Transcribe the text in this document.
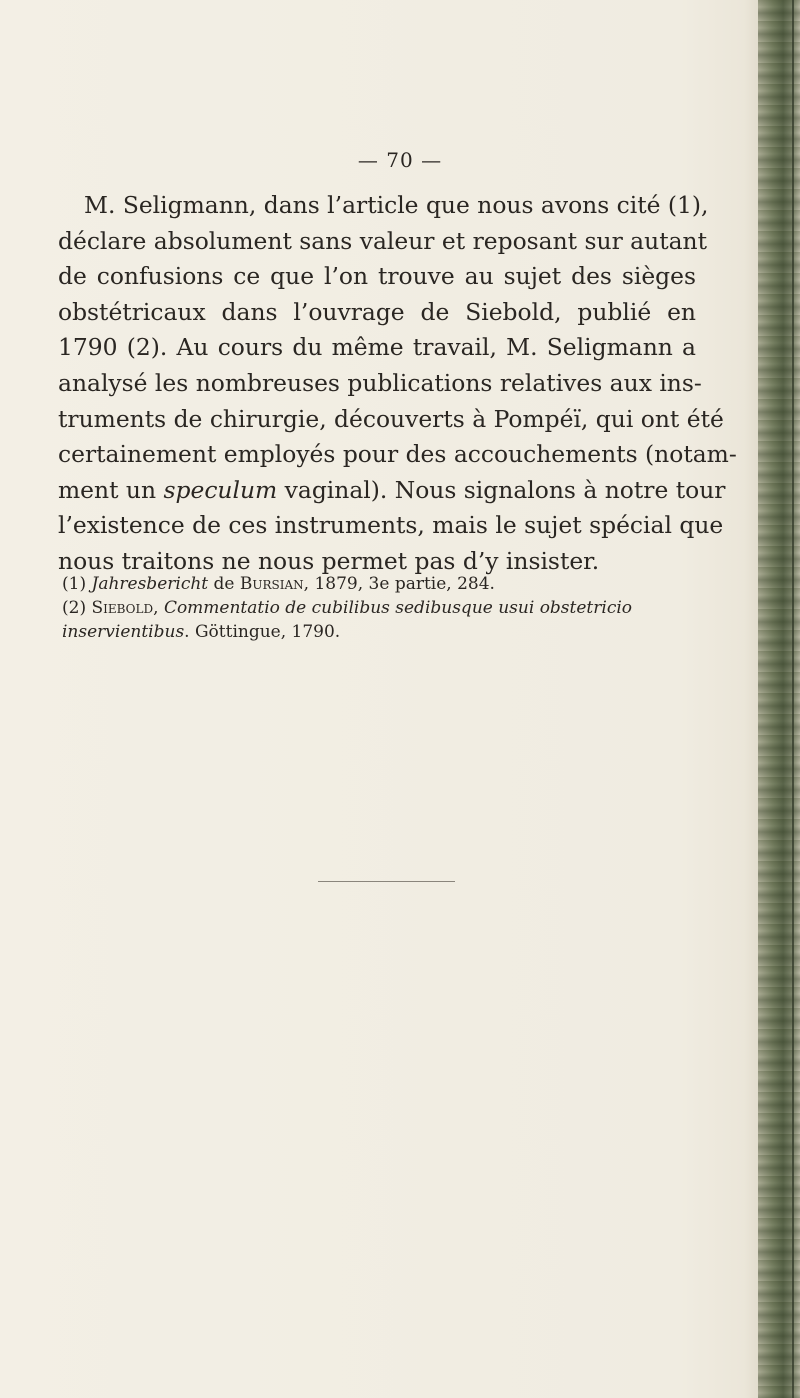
— 70 —
M. Seligmann, dans l’article que nous avons cité (1),
déclare absolument sans valeur et reposant sur autant
de confusions ce que l’on trouve au sujet des sièges
obstétricaux dans l’ouvrage de Siebold, publié en
1790 (2). Au cours du même travail, M. Seligmann a
analysé les nombreuses publications relatives aux ins-
truments de chirurgie, découverts à Pompéï, qui ont été
certainement employés pour des accouchements (notam-
ment un speculum vaginal). Nous signalons à notre tour
l’existence de ces instruments, mais le sujet spécial que
nous traitons ne nous permet pas d’y insister.
(1) Jahresbericht de Bursian, 1879, 3e partie, 284.
(2) Siebold, Commentatio de cubilibus sedibusque usui obstetricio
inservientibus. Göttingue, 1790.
